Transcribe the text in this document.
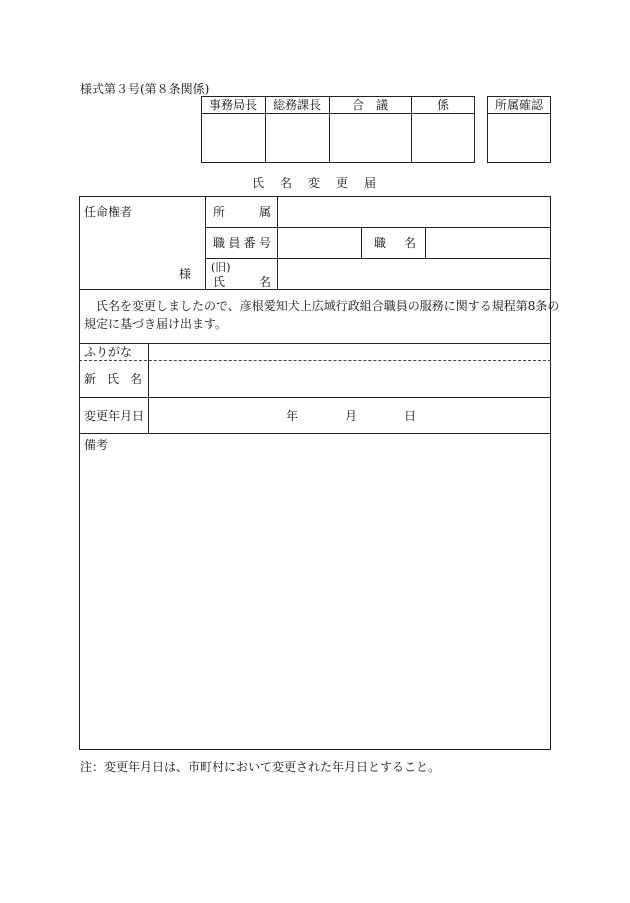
様式第３号(第８条関係)
事務局長	総務課長	合　議	係	所属確認
氏　名　変　更　届
任命権者
様
所　　属
職員番号	職　名
(旧)
氏　名
氏名を変更しましたので、彦根愛知犬上広域行政組合職員の服務に関する規程第8条の
規定に基づき届け出ます。
ふりがな
新氏名
変更年月日	年	月	日
備考
注：変更年月日は、市町村において変更された年月日とすること。
